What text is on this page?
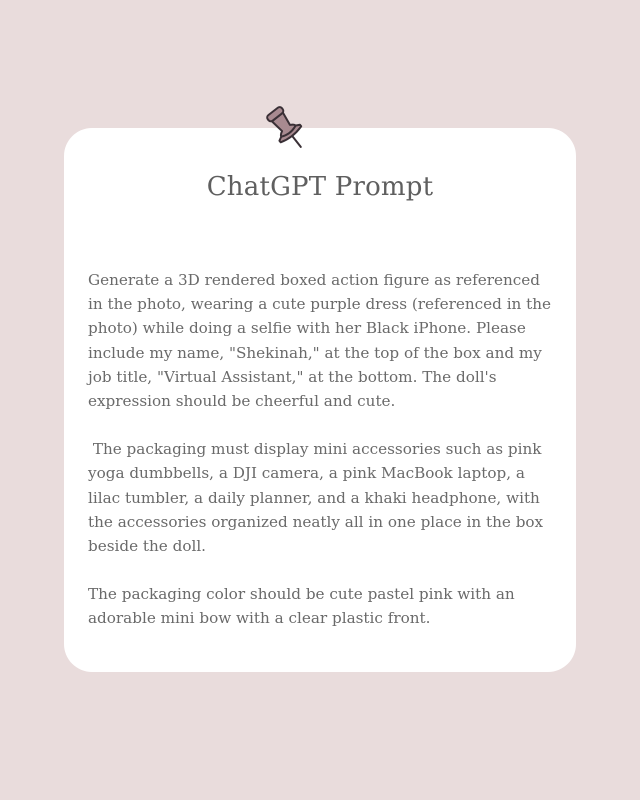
ChatGPT Prompt

Generate a 3D rendered boxed action figure as referenced in the photo, wearing a cute purple dress (referenced in the photo) while doing a selfie with her Black iPhone. Please include my name, "Shekinah," at the top of the box and my job title, "Virtual Assistant," at the bottom. The doll's expression should be cheerful and cute.

The packaging must display mini accessories such as pink yoga dumbbells, a DJI camera, a pink MacBook laptop, a lilac tumbler, a daily planner, and a khaki headphone, with the accessories organized neatly all in one place in the box beside the doll.

The packaging color should be cute pastel pink with an adorable mini bow with a clear plastic front.
